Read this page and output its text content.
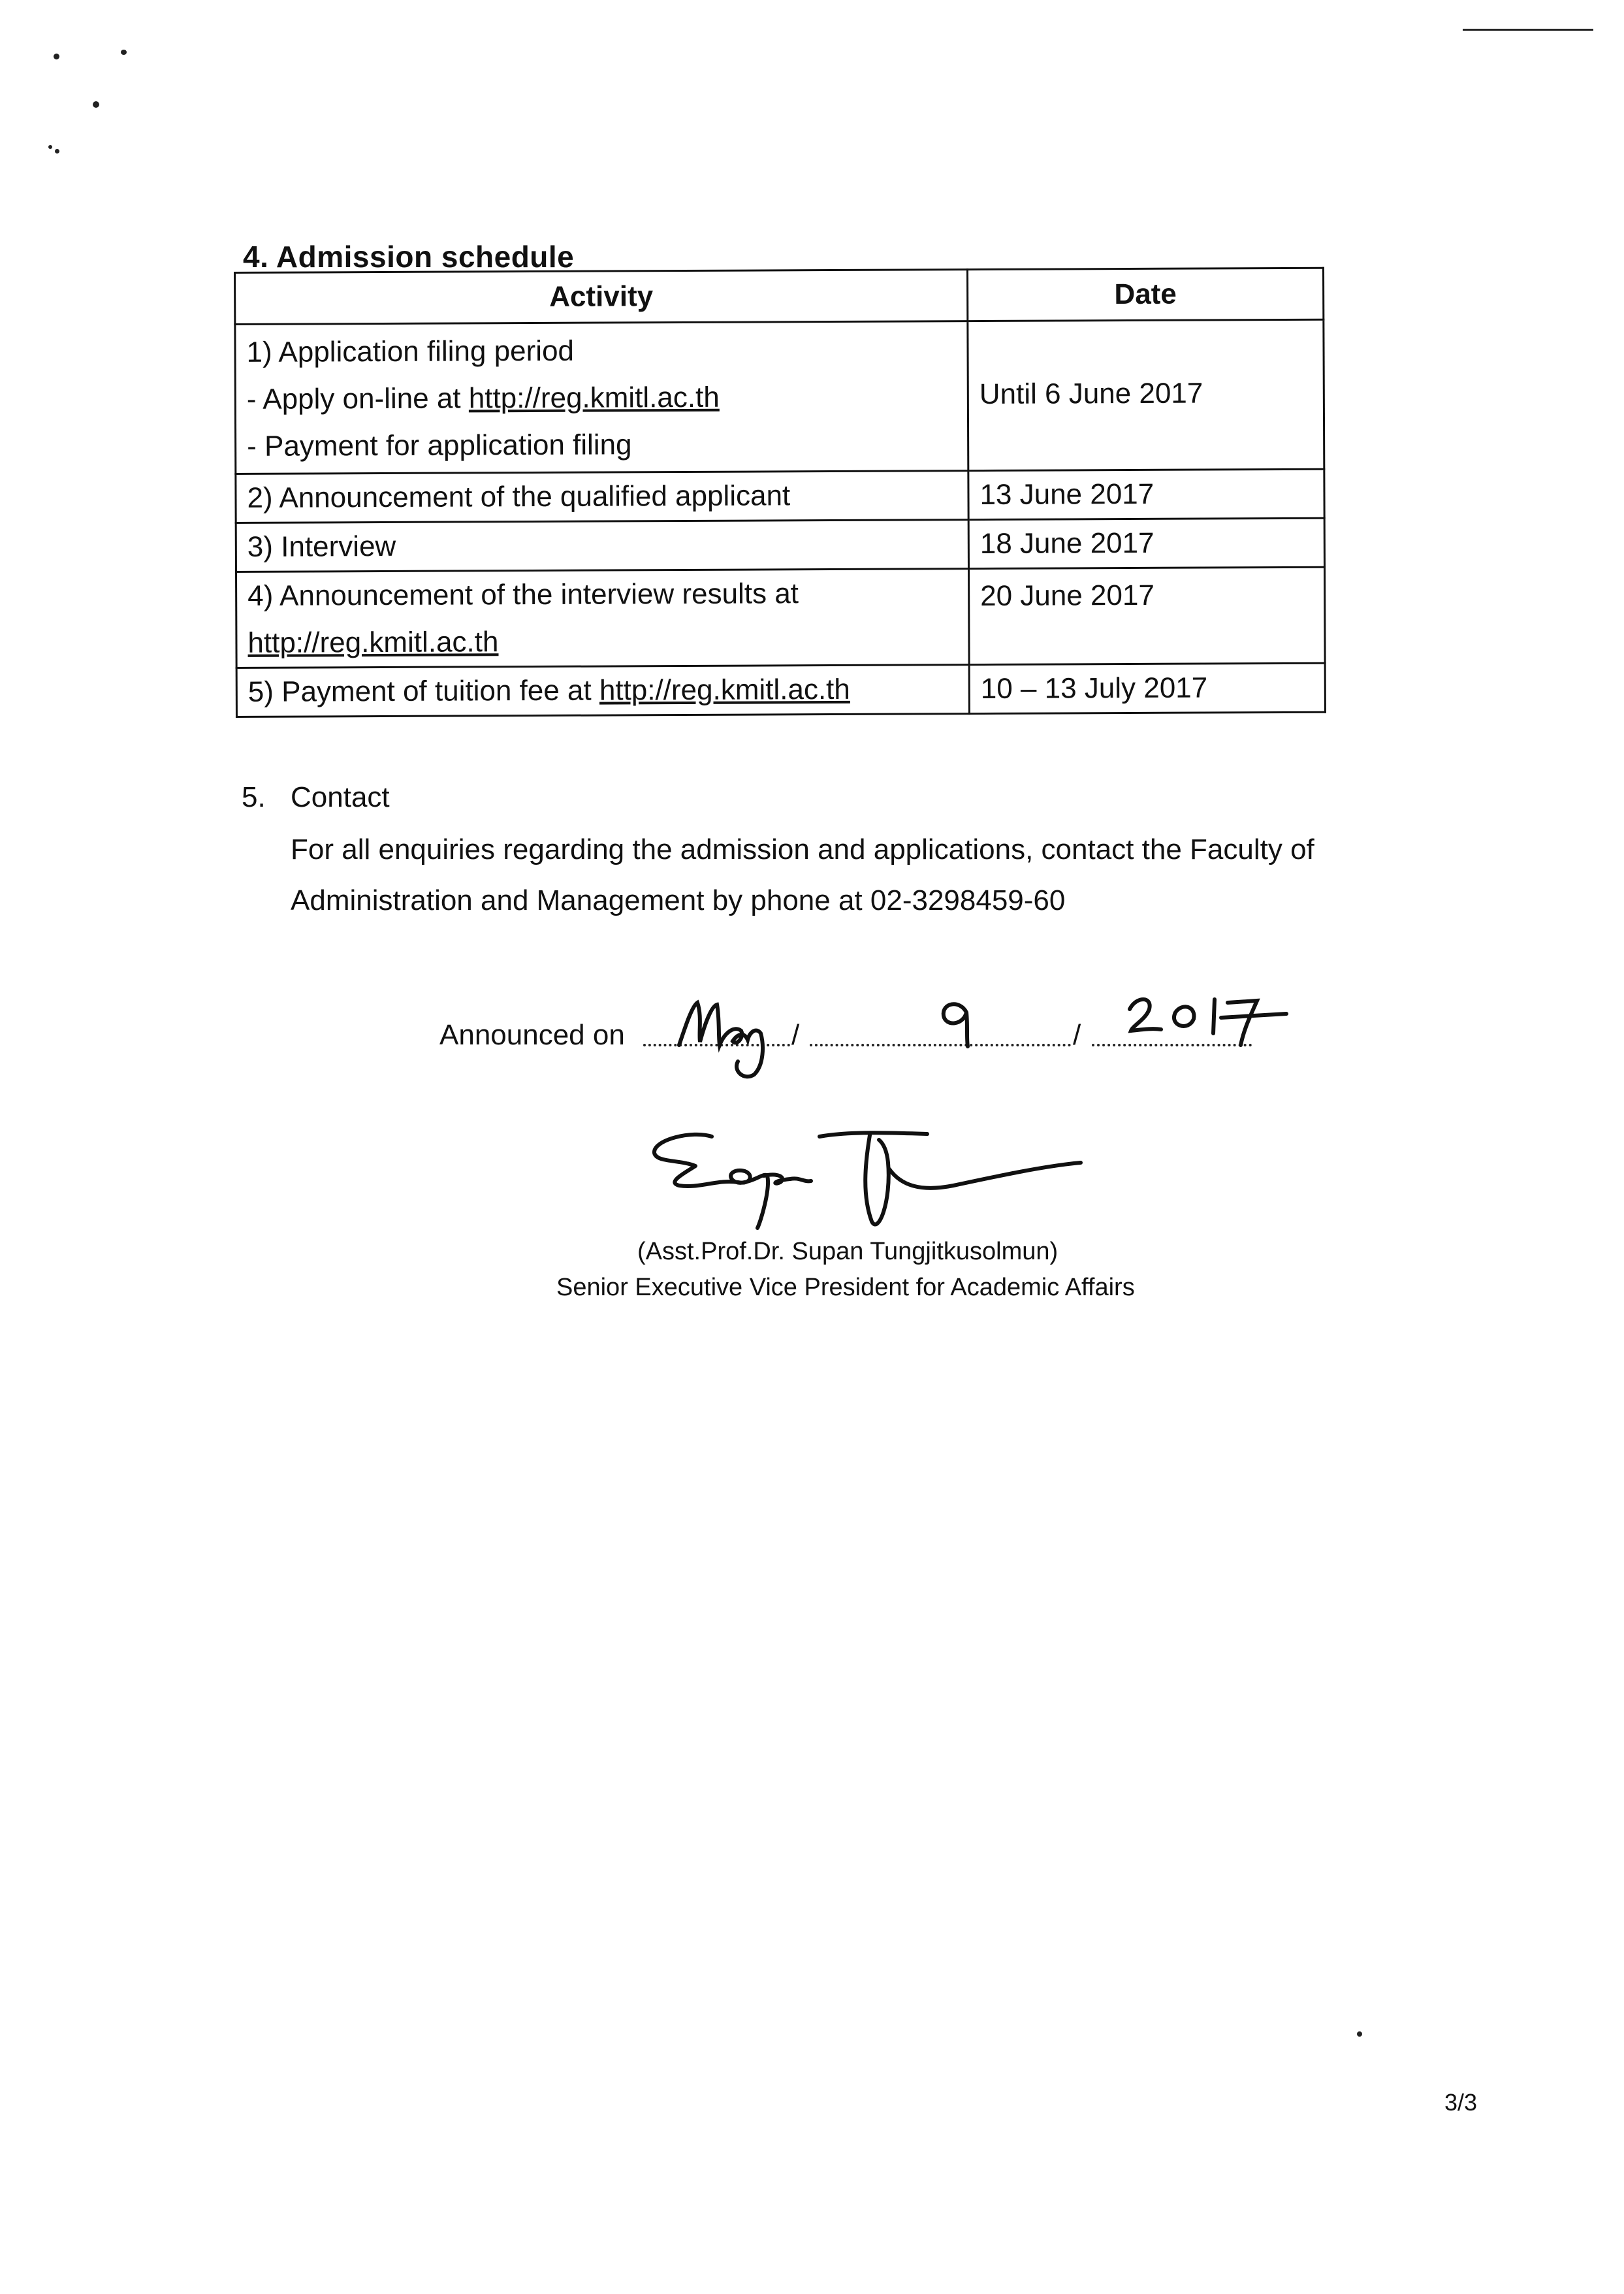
4. Admission schedule
Activity	Date

1) Application filing period
- Apply on-line at http://reg.kmitl.ac.th
- Payment for application filing	Until 6 June 2017

2) Announcement of the qualified applicant	13 June 2017

3) Interview	18 June 2017

4) Announcement of the interview results at
http://reg.kmitl.ac.th	20 June 2017

5) Payment of tuition fee at http://reg.kmitl.ac.th	10 – 13 July 2017
5. Contact
For all enquiries regarding the admission and applications, contact the Faculty of
Administration and Management by phone at 02-3298459-60
Announced on	/	/
(Asst.Prof.Dr. Supan Tungjitkusolmun)
Senior Executive Vice President for Academic Affairs
3/3
